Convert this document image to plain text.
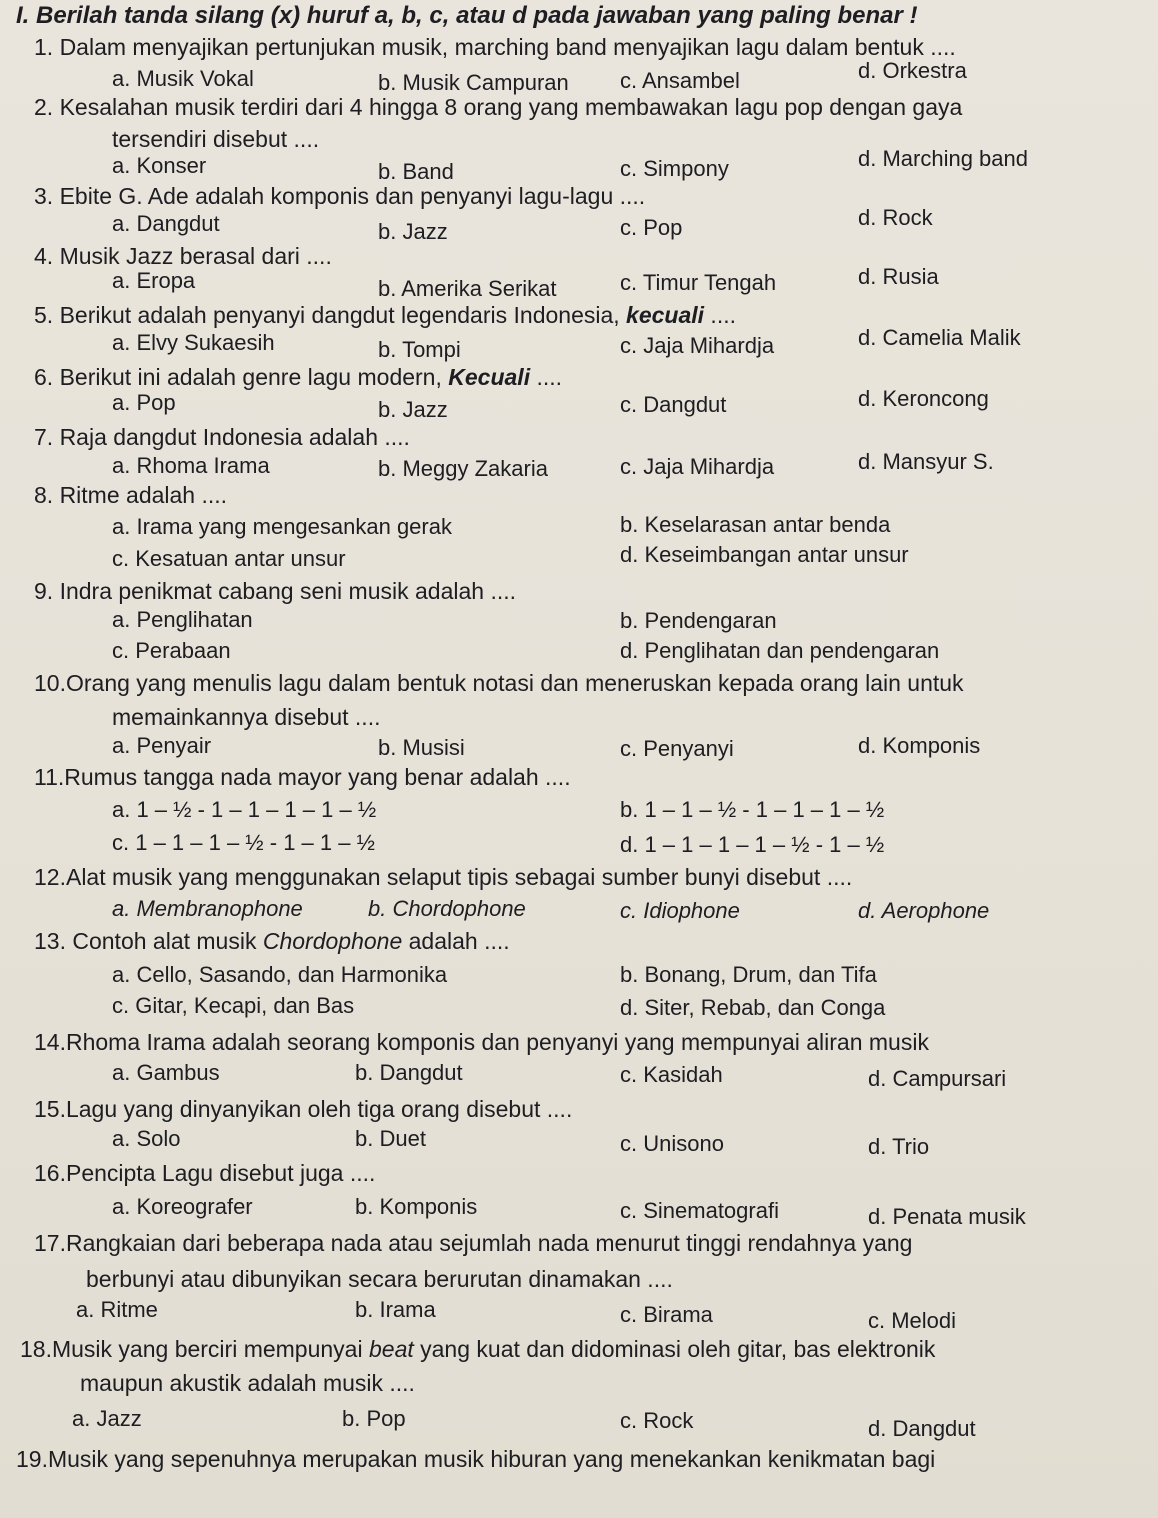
I. Berilah tanda silang (x) huruf a, b, c, atau d pada jawaban yang paling benar !
1. Dalam menyajikan pertunjukan musik, marching band menyajikan lagu dalam bentuk ....
a. Musik Vokal	b. Musik Campuran c. Ansambel	d. Orkestra
2. Kesalahan musik terdiri dari 4 hingga 8 orang yang membawakan lagu pop dengan gaya
tersendiri disebut ....
a. Konser	b. Band	c. Simpony	d. Marching band
3. Ebite G. Ade adalah komponis dan penyanyi lagu-lagu ....
a. Dangdut	b. Jazz	c. Pop	d. Rock
4. Musik Jazz berasal dari ....
a. Eropa	b. Amerika Serikat	c. Timur Tengah	d. Rusia
5. Berikut adalah penyanyi dangdut legendaris Indonesia, kecuali ....
a. Elvy Sukaesih	b. Tompi	c. Jaja Mihardja	d. Camelia Malik
6. Berikut ini adalah genre lagu modern, Kecuali ....
a. Pop	b. Jazz	c. Dangdut	d. Keroncong
7. Raja dangdut Indonesia adalah ....
a. Rhoma Irama	b. Meggy Zakaria	c. Jaja Mihardja	d. Mansyur S.
8. Ritme adalah ....
a. Irama yang mengesankan gerak	b. Keselarasan antar benda
c. Kesatuan antar unsur	d. Keseimbangan antar unsur
9. Indra penikmat cabang seni musik adalah ....
a. Penglihatan	b. Pendengaran
c. Perabaan	d. Penglihatan dan pendengaran
10.Orang yang menulis lagu dalam bentuk notasi dan meneruskan kepada orang lain untuk
memainkannya disebut ....
a. Penyair	b. Musisi	c. Penyanyi	d. Komponis
11.Rumus tangga nada mayor yang benar adalah ....
a. 1 – ½ - 1 – 1 – 1 – 1 – ½	b. 1 – 1 – ½ - 1 – 1 – 1 – ½
c. 1 – 1 – 1 – ½ - 1 – 1 – ½	d. 1 – 1 – 1 – 1 – ½ - 1 – ½
12.Alat musik yang menggunakan selaput tipis sebagai sumber bunyi disebut ....
a. Membranophone	b. Chordophone	c. Idiophone	d. Aerophone
13. Contoh alat musik Chordophone adalah ....
a. Cello, Sasando, dan Harmonika	b. Bonang, Drum, dan Tifa
c. Gitar, Kecapi, dan Bas	d. Siter, Rebab, dan Conga
14.Rhoma Irama adalah seorang komponis dan penyanyi yang mempunyai aliran musik
a. Gambus	b. Dangdut	c. Kasidah	d. Campursari
15.Lagu yang dinyanyikan oleh tiga orang disebut ....
a. Solo	b. Duet	c. Unisono	d. Trio
16.Pencipta Lagu disebut juga ....
a. Koreografer	b. Komponis	c. Sinematografi	d. Penata musik
17.Rangkaian dari beberapa nada atau sejumlah nada menurut tinggi rendahnya yang
berbunyi atau dibunyikan secara berurutan dinamakan ....
a. Ritme	b. Irama	c. Birama	c. Melodi
18.Musik yang berciri mempunyai beat yang kuat dan didominasi oleh gitar, bas elektronik
maupun akustik adalah musik ....
a. Jazz	b. Pop	c. Rock	d. Dangdut
19.Musik yang sepenuhnya merupakan musik hiburan yang menekankan kenikmatan bagi
